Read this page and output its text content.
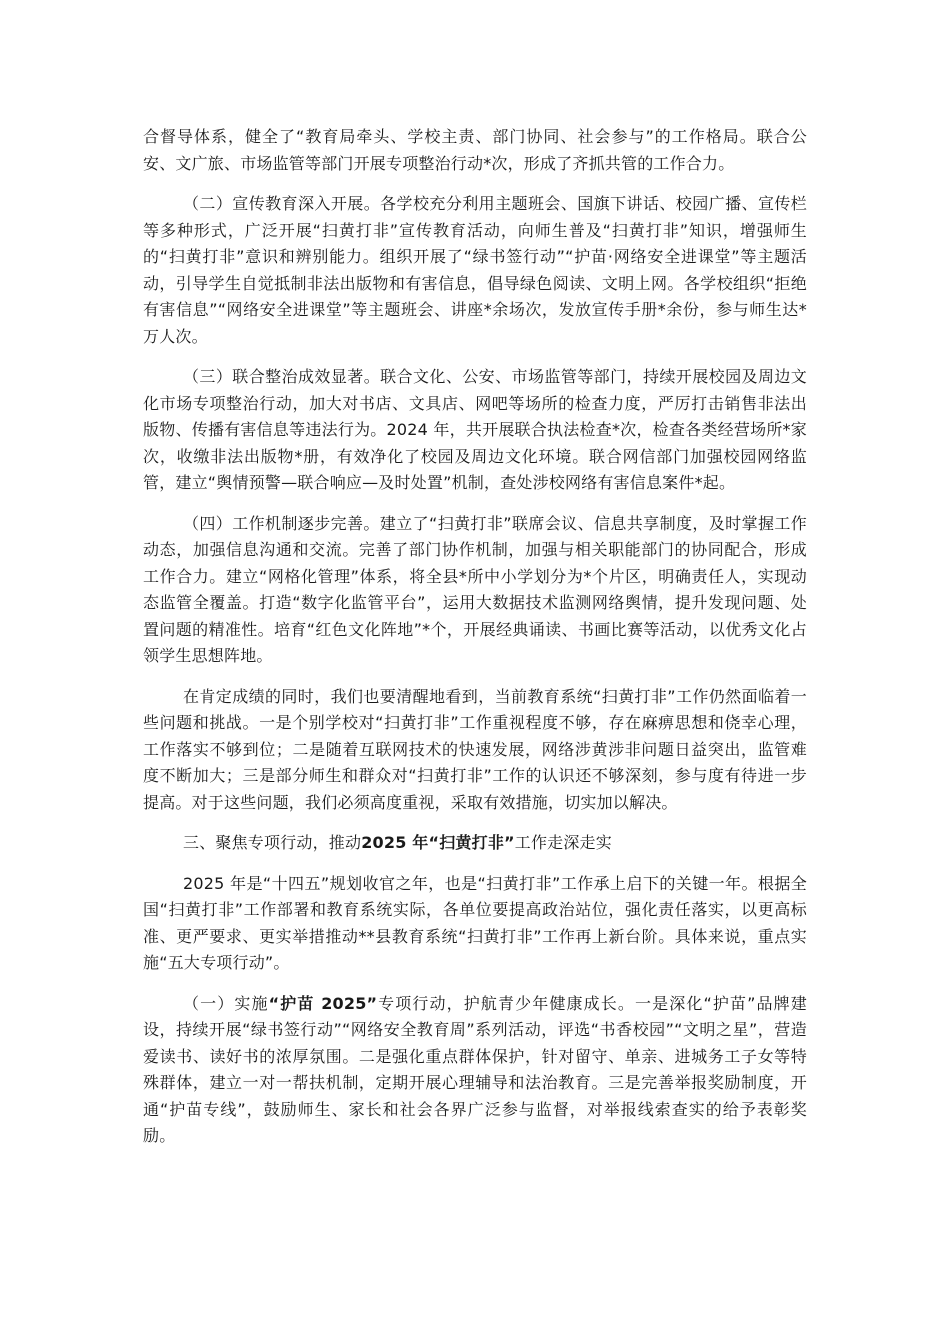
合督导体系，健全了“教育局牵头、学校主责、部门协同、社会参与”的工作格局。联合公安、文广旅、市场监管等部门开展专项整治行动*次，形成了齐抓共管的工作合力。

（二）宣传教育深入开展。各学校充分利用主题班会、国旗下讲话、校园广播、宣传栏等多种形式，广泛开展“扫黄打非”宣传教育活动，向师生普及“扫黄打非”知识，增强师生的“扫黄打非”意识和辨别能力。组织开展了“绿书签行动”“护苗·网络安全进课堂”等主题活动，引导学生自觉抵制非法出版物和有害信息，倡导绿色阅读、文明上网。各学校组织“拒绝有害信息”“网络安全进课堂”等主题班会、讲座*余场次，发放宣传手册*余份，参与师生达*万人次。

（三）联合整治成效显著。联合文化、公安、市场监管等部门，持续开展校园及周边文化市场专项整治行动，加大对书店、文具店、网吧等场所的检查力度，严厉打击销售非法出版物、传播有害信息等违法行为。2024 年，共开展联合执法检查*次，检查各类经营场所*家次，收缴非法出版物*册，有效净化了校园及周边文化环境。联合网信部门加强校园网络监管，建立“舆情预警—联合响应—及时处置”机制，查处涉校网络有害信息案件*起。

（四）工作机制逐步完善。建立了“扫黄打非”联席会议、信息共享制度，及时掌握工作动态，加强信息沟通和交流。完善了部门协作机制，加强与相关职能部门的协同配合，形成工作合力。建立“网格化管理”体系，将全县*所中小学划分为*个片区，明确责任人，实现动态监管全覆盖。打造“数字化监管平台”，运用大数据技术监测网络舆情，提升发现问题、处置问题的精准性。培育“红色文化阵地”*个，开展经典诵读、书画比赛等活动，以优秀文化占领学生思想阵地。

在肯定成绩的同时，我们也要清醒地看到，当前教育系统“扫黄打非”工作仍然面临着一些问题和挑战。一是个别学校对“扫黄打非”工作重视程度不够，存在麻痹思想和侥幸心理，工作落实不够到位；二是随着互联网技术的快速发展，网络涉黄涉非问题日益突出，监管难度不断加大；三是部分师生和群众对“扫黄打非”工作的认识还不够深刻，参与度有待进一步提高。对于这些问题，我们必须高度重视，采取有效措施，切实加以解决。

三、聚焦专项行动，推动2025 年“扫黄打非”工作走深走实

2025 年是“十四五”规划收官之年，也是“扫黄打非”工作承上启下的关键一年。根据全国“扫黄打非”工作部署和教育系统实际，各单位要提高政治站位，强化责任落实，以更高标准、更严要求、更实举措推动**县教育系统“扫黄打非”工作再上新台阶。具体来说，重点实施“五大专项行动”。

（一）实施“护苗 2025”专项行动，护航青少年健康成长。一是深化“护苗”品牌建设，持续开展“绿书签行动”“网络安全教育周”系列活动，评选“书香校园”“文明之星”，营造爱读书、读好书的浓厚氛围。二是强化重点群体保护，针对留守、单亲、进城务工子女等特殊群体，建立一对一帮扶机制，定期开展心理辅导和法治教育。三是完善举报奖励制度，开通“护苗专线”，鼓励师生、家长和社会各界广泛参与监督，对举报线索查实的给予表彰奖励。
